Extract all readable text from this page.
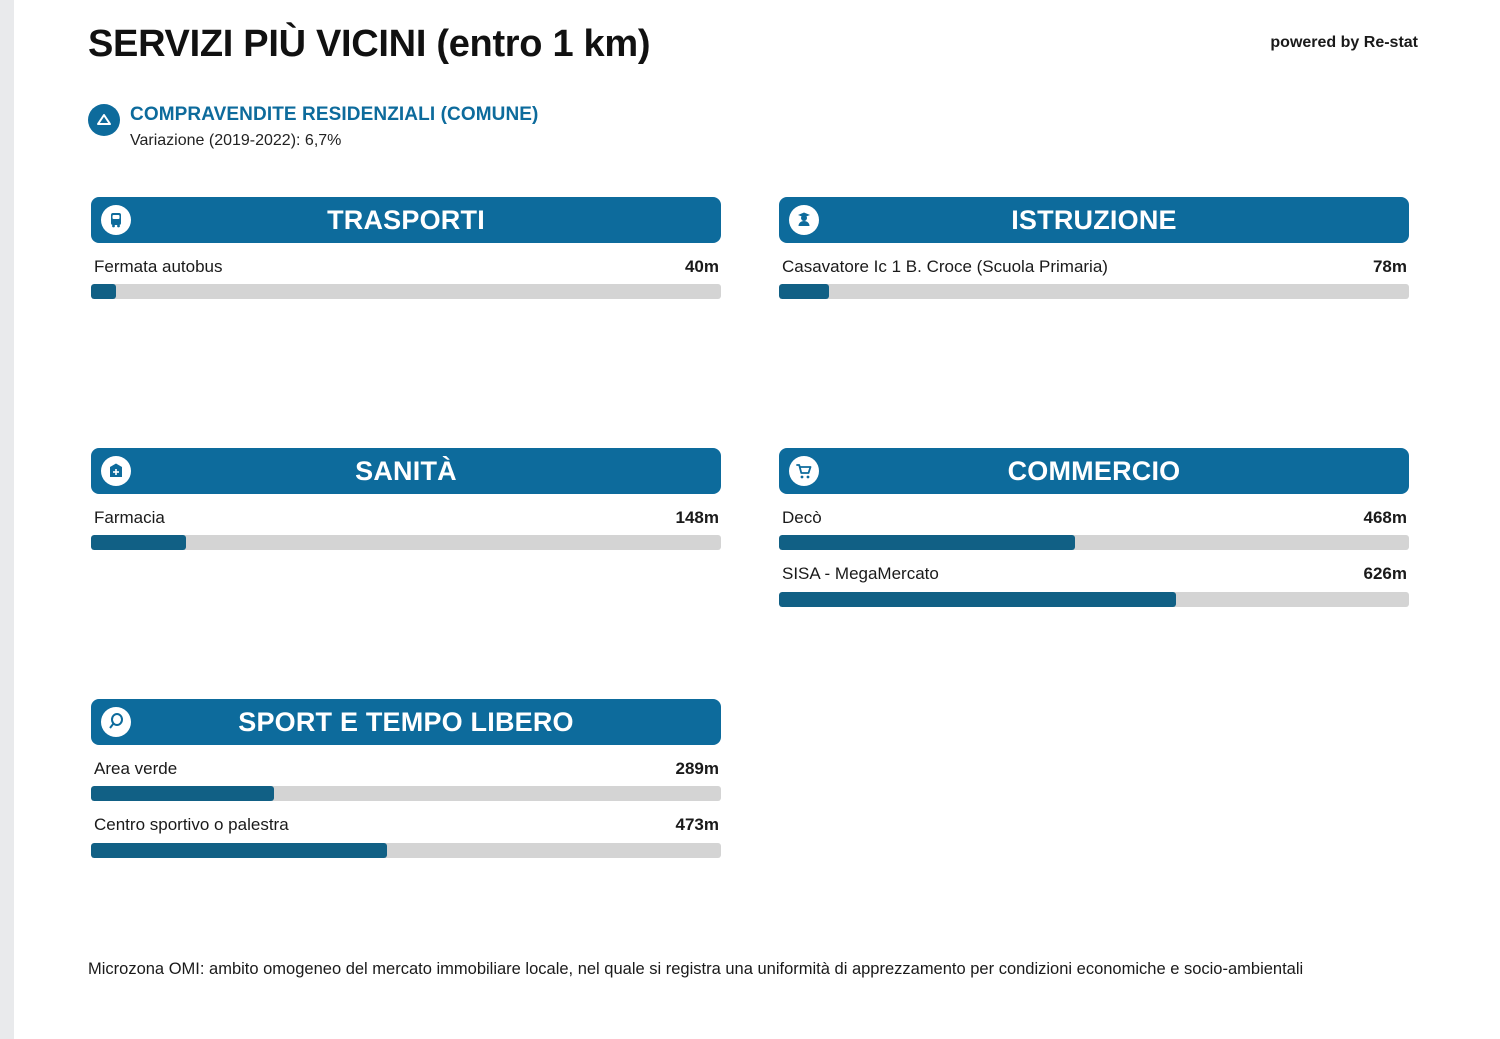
SERVIZI PIÙ VICINI (entro 1 km)	powered by Re-stat
COMPRAVENDITE RESIDENZIALI (COMUNE)
Variazione (2019-2022): 6,7%
TRASPORTI
Fermata autobus	40m
SANITÀ
Farmacia	148m
SPORT E TEMPO LIBERO
Area verde	289m
Centro sportivo o palestra	473m
ISTRUZIONE
Casavatore Ic 1 B. Croce (Scuola Primaria)	78m
COMMERCIO
Decò	468m
SISA - MegaMercato	626m
Microzona OMI: ambito omogeneo del mercato immobiliare locale, nel quale si registra una uniformità di apprezzamento per condizioni economiche e socio-ambientali
